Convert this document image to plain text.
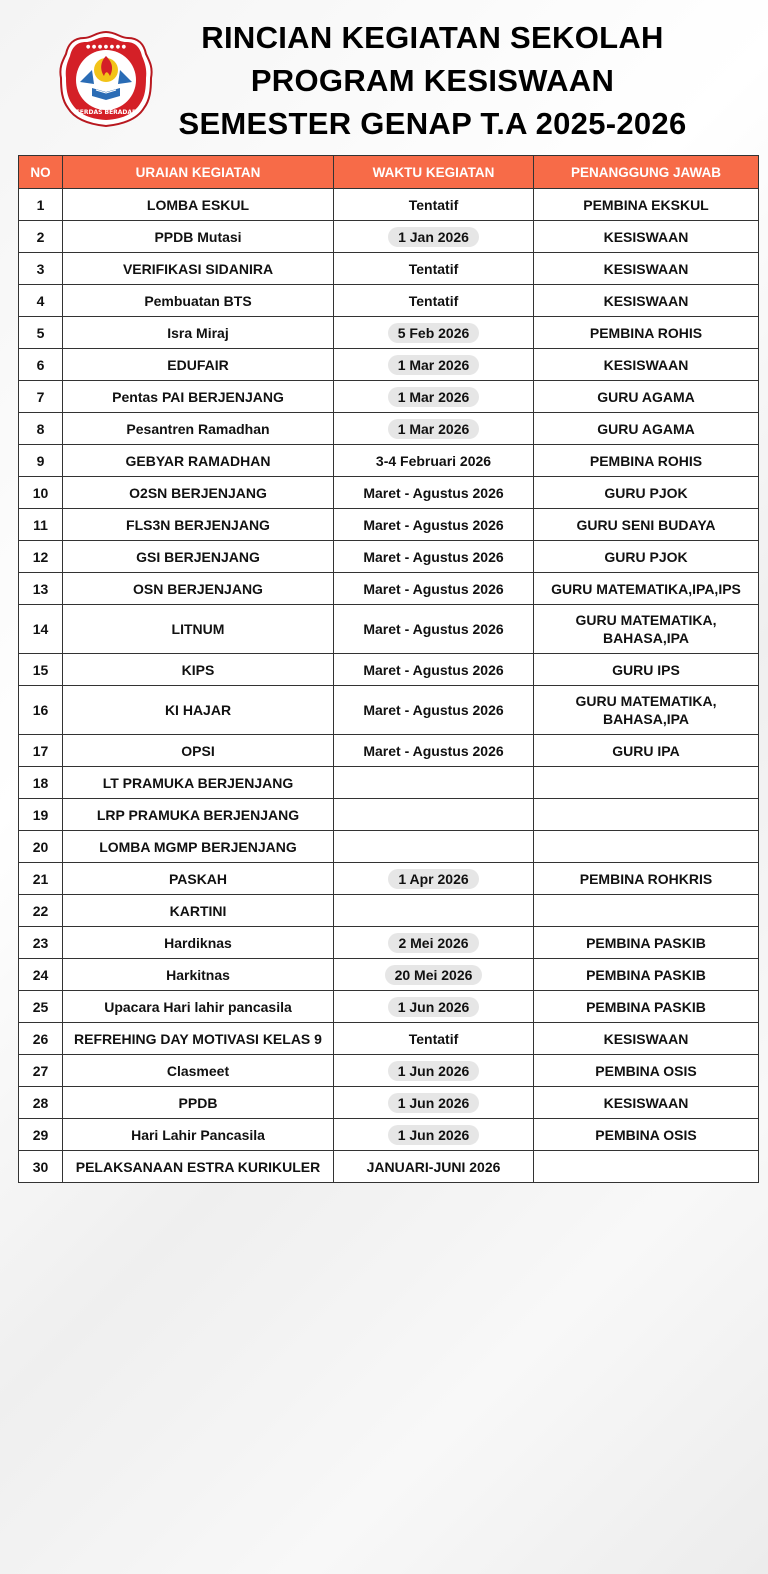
CERDAS BERADAB
● ● ● ● ● ● ●	RINCIAN KEGIATAN SEKOLAH
PROGRAM KESISWAAN
SEMESTER GENAP T.A 2025-2026
NO	URAIAN KEGIATAN	WAKTU KEGIATAN	PENANGGUNG JAWAB
1	LOMBA ESKUL	Tentatif	PEMBINA EKSKUL
2	PPDB Mutasi	1 Jan 2026	KESISWAAN
3	VERIFIKASI SIDANIRA	Tentatif	KESISWAAN
4	Pembuatan BTS	Tentatif	KESISWAAN
5	Isra Miraj	5 Feb 2026	PEMBINA ROHIS
6	EDUFAIR	1 Mar 2026	KESISWAAN
7	Pentas PAI BERJENJANG	1 Mar 2026	GURU AGAMA
8	Pesantren Ramadhan	1 Mar 2026	GURU AGAMA
9	GEBYAR RAMADHAN	3-4 Februari 2026	PEMBINA ROHIS
10	O2SN BERJENJANG	Maret - Agustus 2026	GURU PJOK
11	FLS3N BERJENJANG	Maret - Agustus 2026	GURU SENI BUDAYA
12	GSI BERJENJANG	Maret - Agustus 2026	GURU PJOK
13	OSN BERJENJANG	Maret - Agustus 2026	GURU MATEMATIKA,IPA,IPS
14	LITNUM	Maret - Agustus 2026	GURU MATEMATIKA, BAHASA,IPA
15	KIPS	Maret - Agustus 2026	GURU IPS
16	KI HAJAR	Maret - Agustus 2026	GURU MATEMATIKA, BAHASA,IPA
17	OPSI	Maret - Agustus 2026	GURU IPA
18	LT PRAMUKA BERJENJANG		
19	LRP PRAMUKA BERJENJANG		
20	LOMBA MGMP BERJENJANG		
21	PASKAH	1 Apr 2026	PEMBINA ROHKRIS
22	KARTINI		
23	Hardiknas	2 Mei 2026	PEMBINA PASKIB
24	Harkitnas	20 Mei 2026	PEMBINA PASKIB
25	Upacara Hari lahir pancasila	1 Jun 2026	PEMBINA PASKIB
26	REFREHING DAY MOTIVASI KELAS 9	Tentatif	KESISWAAN
27	Clasmeet	1 Jun 2026	PEMBINA OSIS
28	PPDB	1 Jun 2026	KESISWAAN
29	Hari Lahir Pancasila	1 Jun 2026	PEMBINA OSIS
30	PELAKSANAAN ESTRA KURIKULER	JANUARI-JUNI 2026	
